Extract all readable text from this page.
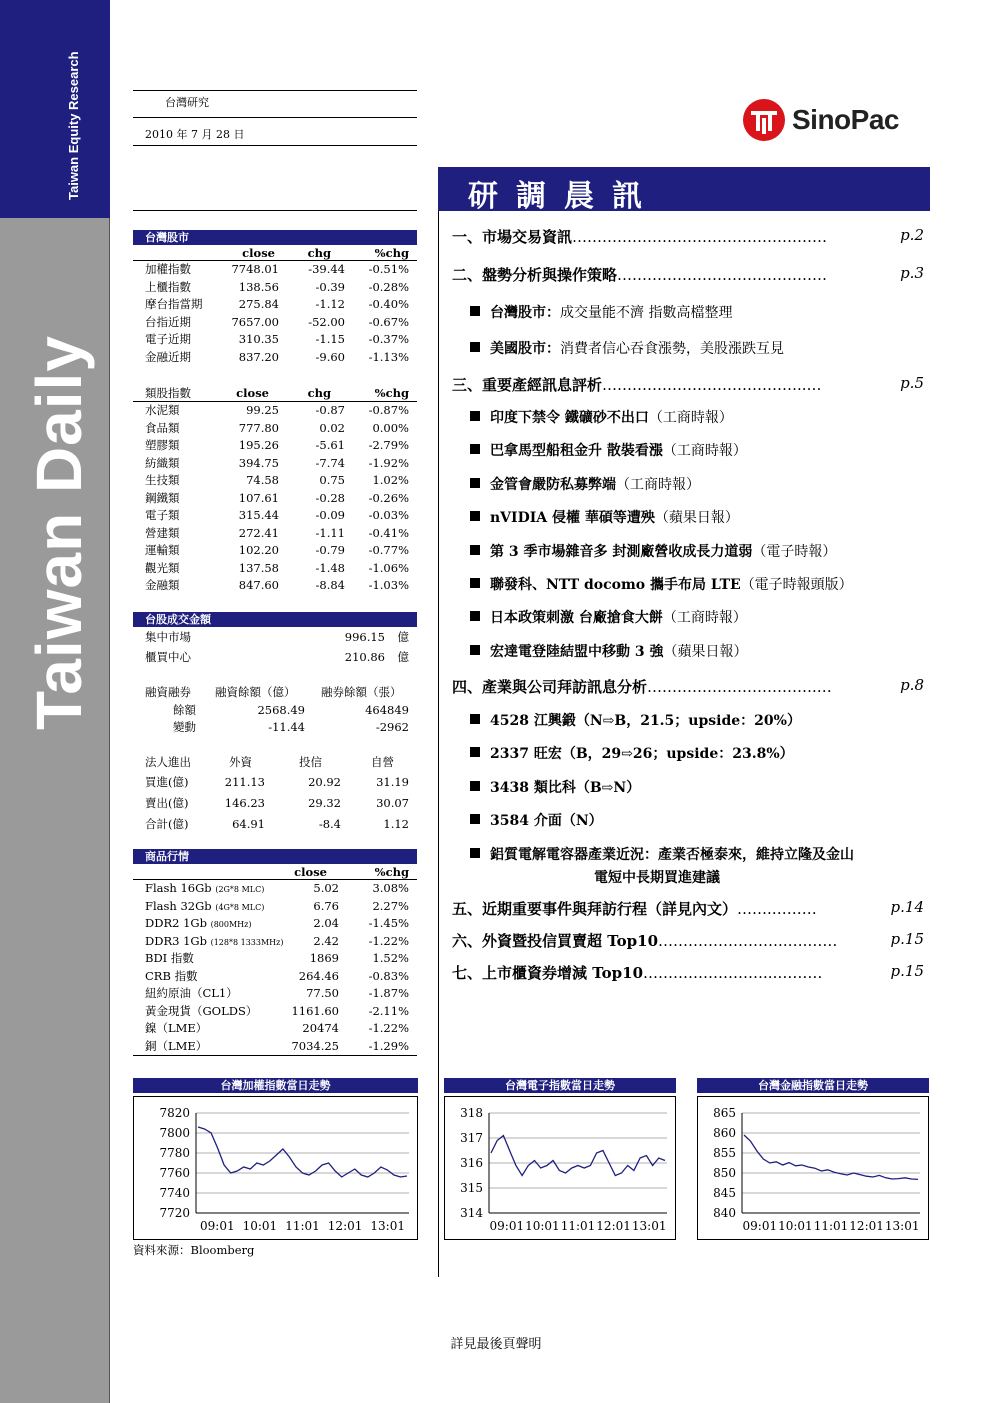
Taiwan Equity Research
Taiwan Daily
台灣研究
2010 年 7 月 28 日	SinoPac
研調晨訊
台灣股市
close	chg	%chg
加權指數	7748.01	-39.44 -0.51%
上櫃指數	138.56	-0.39 -0.28%
摩台指當期	275.84	-1.12 -0.40%
台指近期	7657.00	-52.00 -0.67%
電子近期	310.35	-1.15 -0.37%
金融近期	837.20	-9.60 -1.13%
類股指數	close	chg	%chg
水泥類	99.25	-0.87 -0.87%
食品類	777.80	0.02 0.00%
塑膠類	195.26	-5.61 -2.79%
紡織類	394.75	-7.74 -1.92%
生技類	74.58	0.75 1.02%
鋼鐵類	107.61	-0.28 -0.26%
電子類	315.44	-0.09 -0.03%
營建類	272.41	-1.11 -0.41%
運輸類	102.20	-0.79 -0.77%
觀光類	137.58	-1.48 -1.06%
金融類	847.60	-8.84 -1.03%
台股成交金額
集中市場	996.15 億
櫃買中心	210.86 億
融資融券 融資餘額（億） 融券餘額（張）
餘額	2568.49	464849
變動	-11.44	-2962
法人進出	外資	投信	自營
買進(億)	211.13	20.92	31.19
賣出(億)	146.23	29.32	30.07
合計(億)	64.91	-8.4	1.12
商品行情
close	%chg
Flash 16Gb (2G*8 MLC)	5.02	3.08%
Flash 32Gb (4G*8 MLC)	6.76	2.27%
DDR2 1Gb (800MHz)	2.04	-1.45%
DDR3 1Gb (128*8 1333MHz)	2.42	-1.22%
BDI 指數	1869	1.52%
CRB 指數	264.46	-0.83%
紐約原油（CL1）	77.50	-1.87%
黃金現貨（GOLDS）	1161.60	-2.11%
鎳（LME）	20474	-1.22%
銅（LME）	7034.25	-1.29%
一、市場交易資訊……………………………………………	p.2
二、盤勢分析與操作策略……………………………………	p.3
台灣股市：成交量能不濟 指數高檔整理
美國股市：消費者信心吞食漲勢，美股漲跌互見
三、重要產經訊息評析…………………………………..…	p.5
印度下禁令 鐵礦砂不出口（工商時報）
巴拿馬型船租金升 散裝看漲（工商時報）
金管會嚴防私募弊端（工商時報）
nVIDIA 侵權 華碩等遭殃（蘋果日報）
第 3 季市場雜音多 封測廠營收成長力道弱（電子時報）
聯發科、NTT docomo 攜手布局 LTE（電子時報頭版）
日本政策刺激 台廠搶食大餅（工商時報）
宏達電登陸結盟中移動 3 強（蘋果日報）
四、產業與公司拜訪訊息分析…………………………….…	p.8
4528 江興鍛（N⇨B，21.5；upside：20%）
2337 旺宏（B，29⇨26；upside：23.8%）
3438 類比科（B⇨N）
3584 介面（N）
鋁質電解電容器產業近況：產業否極泰來，維持立隆及金山
電短中長期買進建議
五、近期重要事件與拜訪行程（詳見內文）…….………	p.14
六、外資暨投信買賣超 Top10……………………..….……	p.15
七、上市櫃資券增減 Top10……………………...………	p.15
台灣加權指數當日走勢	台灣電子指數當日走勢	台灣金融指數當日走勢
7820
7800
7780
7760
7740
7720
09:01 10:01 11:01 12:01 13:01
318
317
316
315
314
09:01 10:01 11:01 12:01 13:01
865
860
855
850
845
840
09:01 10:01 11:01 12:01 13:01
資料來源：Bloomberg
詳見最後頁聲明
